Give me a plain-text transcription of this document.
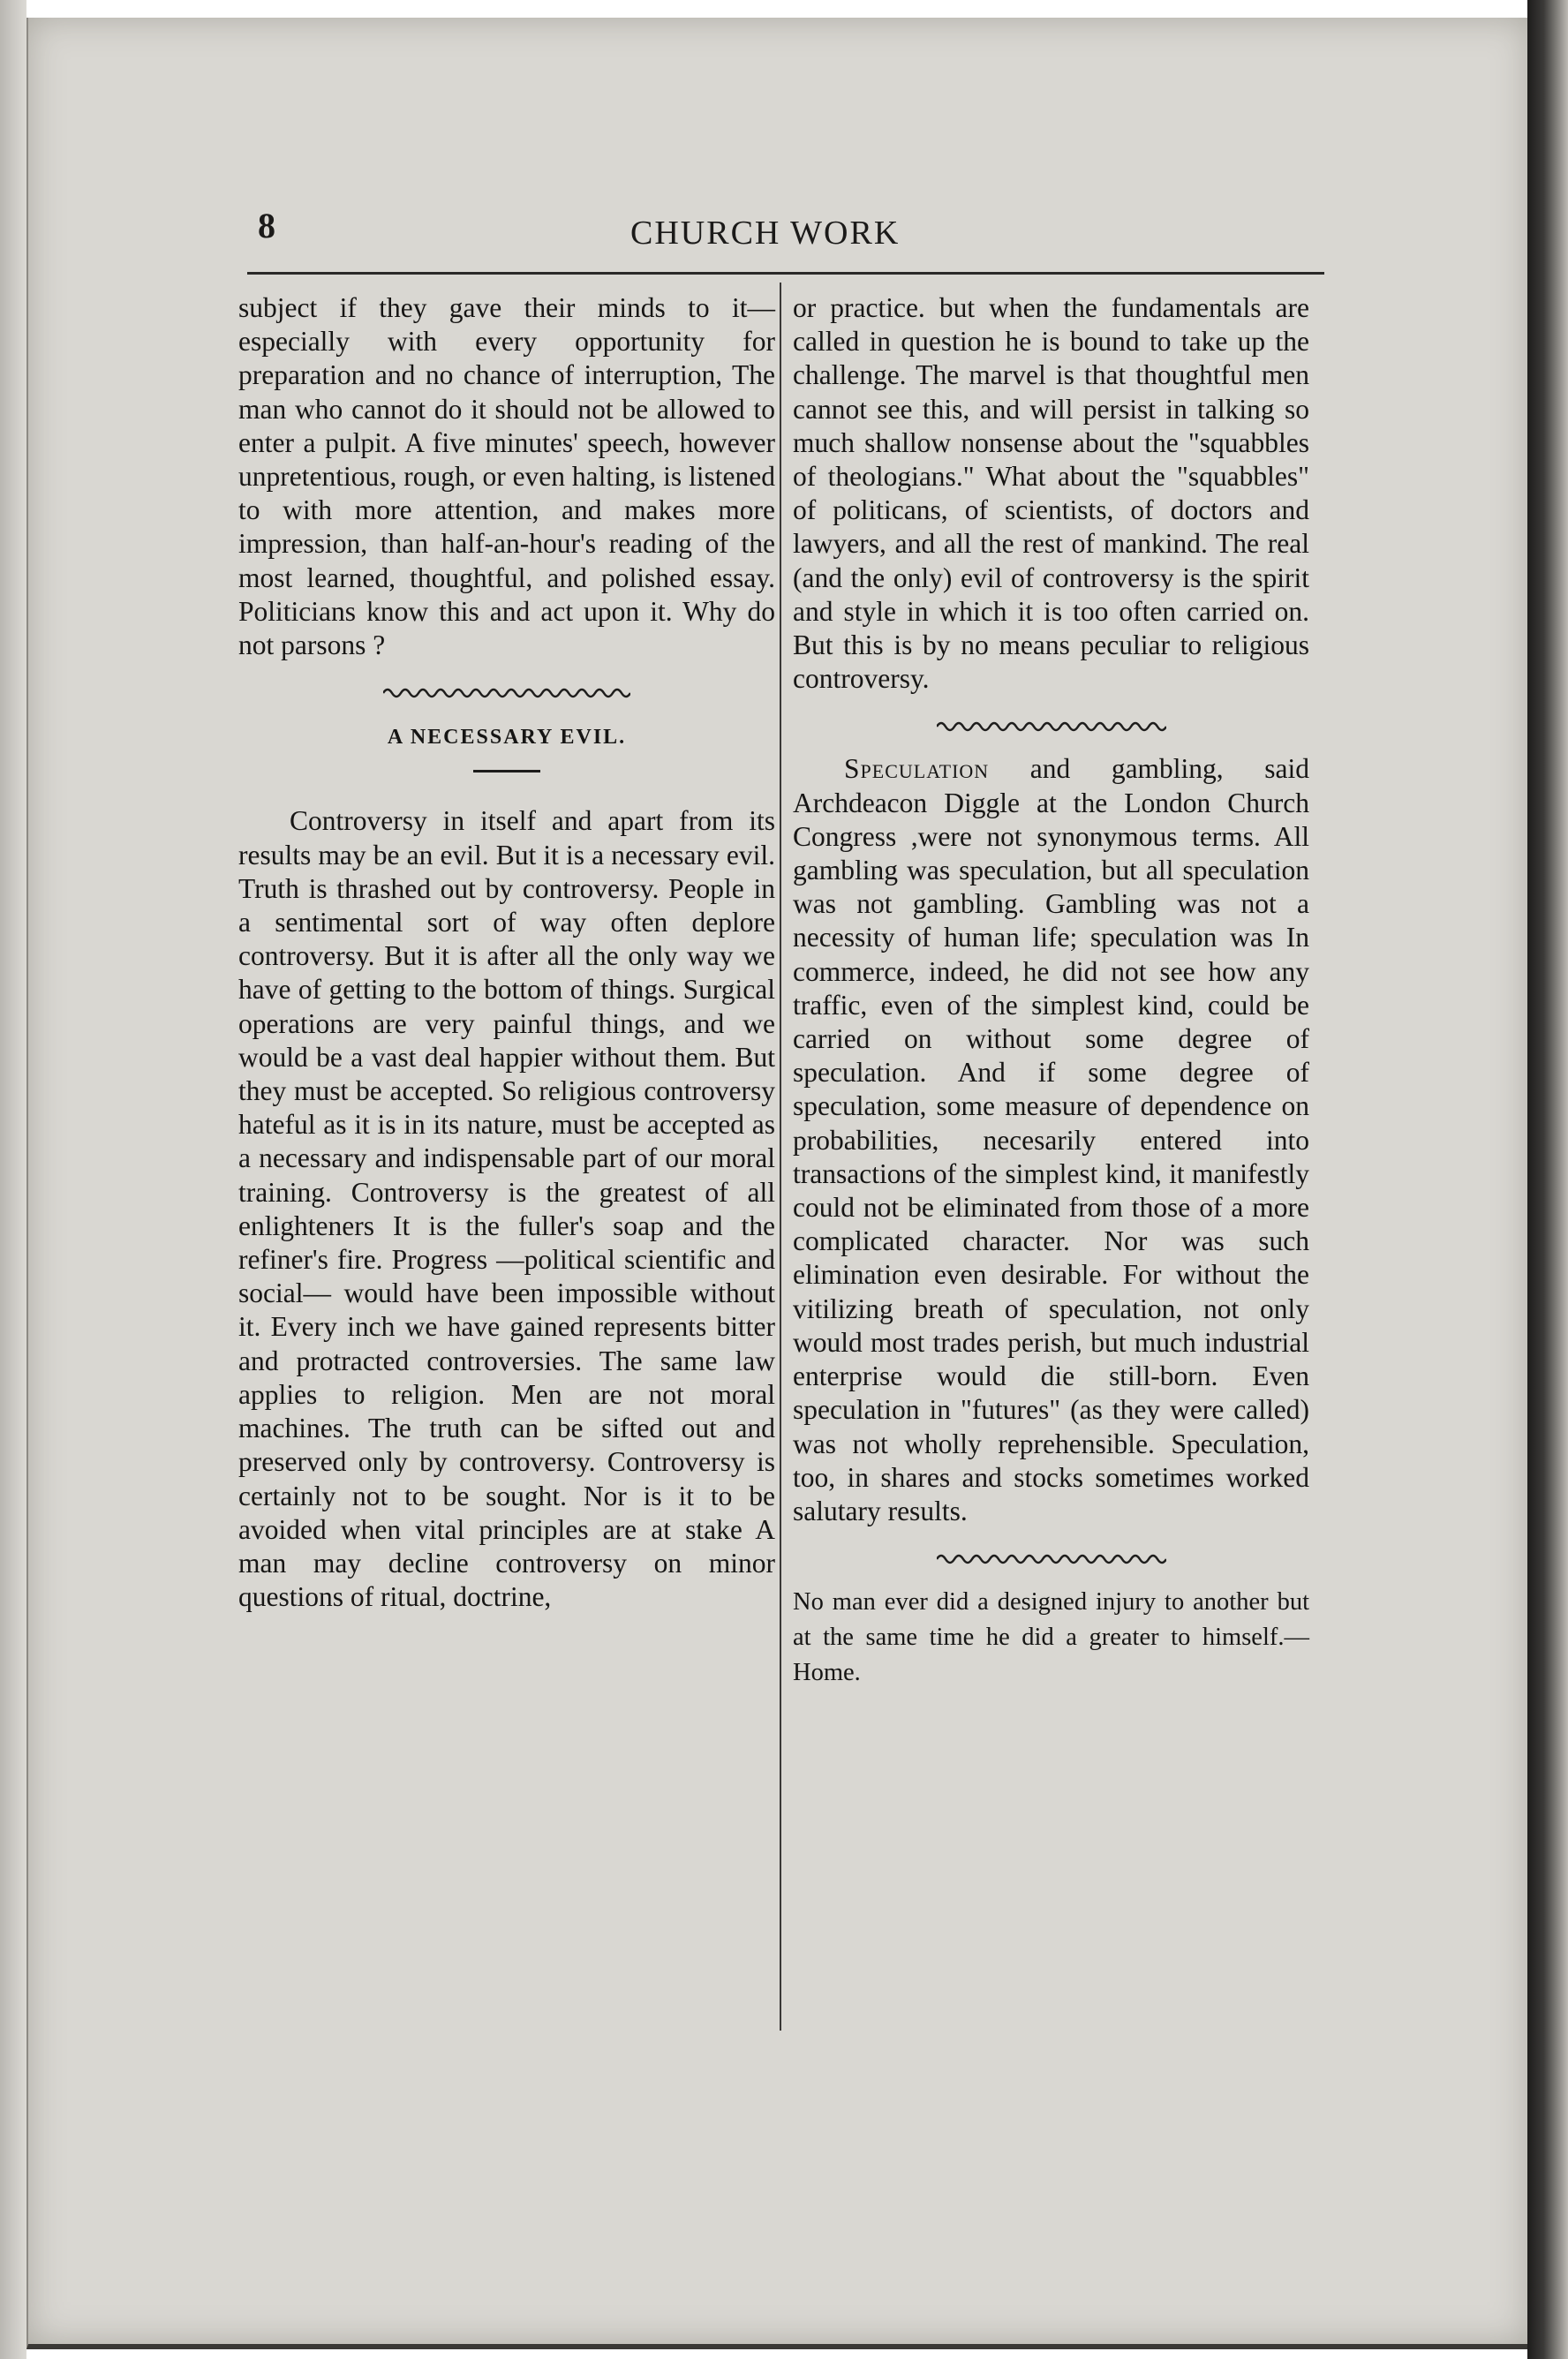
8	CHURCH WORK

subject if they gave their minds to it—especially with every opportunity for preparation and no chance of interruption, The man who cannot do it should not be allowed to enter a pulpit. A five minutes' speech, however unpretentious, rough, or even halting, is listened to with more attention, and makes more impression, than half-an-hour's reading of the most learned, thoughtful, and polished essay. Politicians know this and act upon it. Why do not parsons ?

A NECESSARY EVIL.

Controversy in itself and apart from its results may be an evil. But it is a necessary evil. Truth is thrashed out by controversy. People in a sentimental sort of way often deplore controversy. But it is after all the only way we have of getting to the bottom of things. Surgical operations are very painful things, and we would be a vast deal happier without them. But they must be accepted. So religious controversy hateful as it is in its nature, must be accepted as a necessary and indispensable part of our moral training. Controversy is the greatest of all enlighteners It is the fuller's soap and the refiner's fire. Progress —political scientific and social— would have been impossible without it. Every inch we have gained represents bitter and protracted controversies. The same law applies to religion. Men are not moral machines. The truth can be sifted out and preserved only by controversy. Controversy is certainly not to be sought. Nor is it to be avoided when vital principles are at stake A man may decline controversy on minor questions of ritual, doctrine,

or practice. but when the fundamentals are called in question he is bound to take up the challenge. The marvel is that thoughtful men cannot see this, and will persist in talking so much shallow nonsense about the "squabbles of theologians." What about the "squabbles" of politicans, of scientists, of doctors and lawyers, and all the rest of mankind. The real (and the only) evil of controversy is the spirit and style in which it is too often carried on. But this is by no means peculiar to religious controversy.

Speculation and gambling, said Archdeacon Diggle at the London Church Congress ,were not synonymous terms. All gambling was speculation, but all speculation was not gambling. Gambling was not a necessity of human life; speculation was In commerce, indeed, he did not see how any traffic, even of the simplest kind, could be carried on without some degree of speculation. And if some degree of speculation, some measure of dependence on probabilities, necesarily entered into transactions of the simplest kind, it manifestly could not be eliminated from those of a more complicated character. Nor was such elimination even desirable. For without the vitilizing breath of speculation, not only would most trades perish, but much industrial enterprise would die still-born. Even speculation in "futures" (as they were called) was not wholly reprehensible. Speculation, too, in shares and stocks sometimes worked salutary results.

No man ever did a designed injury to another but at the same time he did a greater to himself.—Home.
